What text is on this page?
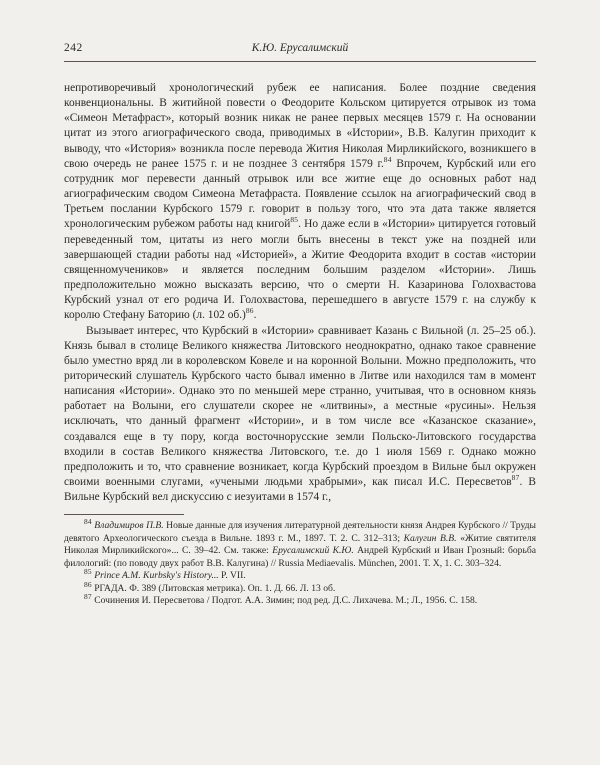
242	К.Ю. Ерусалимский

непротиворечивый хронологический рубеж ее написания. Более поздние сведения конвенциональны. В житийной повести о Феодорите Кольском цитируется отрывок из тома «Симеон Метафраст», который возник никак не ранее первых месяцев 1579 г. На основании цитат из этого агиографического свода, приводимых в «Истории», В.В. Калугин приходит к выводу, что «История» возникла после перевода Жития Николая Мирликийского, возникшего в свою очередь не ранее 1575 г. и не позднее 3 сентября 1579 г.$^{84}$ Впрочем, Курбский или его сотрудник мог перевести данный отрывок или все житие еще до основных работ над агиографическим сводом Симеона Метафраста. Появление ссылок на агиографический свод в Третьем послании Курбского 1579 г. говорит в пользу того, что эта дата также является хронологическим рубежом работы над книгой$^{85}$. Но даже если в «Истории» цитируется готовый переведенный том, цитаты из него могли быть внесены в текст уже на поздней или завершающей стадии работы над «Историей», а Житие Феодорита входит в состав «истории священномучеников» и является последним большим разделом «Истории». Лишь предположительно можно высказать версию, что о смерти Н. Казаринова Голохвастова Курбский узнал от его родича И. Голохвастова, перешедшего в августе 1579 г. на службу к королю Стефану Баторию (л. 102 об.)$^{86}$.

Вызывает интерес, что Курбский в «Истории» сравнивает Казань с Вильной (л. 25–25 об.). Князь бывал в столице Великого княжества Литовского неоднократно, однако такое сравнение было уместно вряд ли в королевском Ковеле и на коронной Волыни. Можно предположить, что риторический слушатель Курбского часто бывал именно в Литве или находился там в момент написания «Истории». Однако это по меньшей мере странно, учитывая, что в основном князь работает на Волыни, его слушатели скорее не «литвины», а местные «русины». Нельзя исключать, что данный фрагмент «Истории», и в том числе все «Казанское сказание», создавался еще в ту пору, когда восточнорусские земли Польско-Литовского государства входили в состав Великого княжества Литовского, т.е. до 1 июля 1569 г. Однако можно предположить и то, что сравнение возникает, когда Курбский проездом в Вильне был окружен своими военными слугами, «учеными людьми храбрыми», как писал И.С. Пересветов$^{87}$. В Вильне Курбский вел дискуссию с иезуитами в 1574 г.,

$^{84}$ Владимиров П.В. Новые данные для изучения литературной деятельности князя Андрея Курбского // Труды девятого Археологического съезда в Вильне. 1893 г. М., 1897. Т. 2. С. 312–313; Калугин В.В. «Житие святителя Николая Мирликийского»... С. 39–42. См. также: Ерусалимский К.Ю. Андрей Курбский и Иван Грозный: борьба филологий: (по поводу двух работ В.В. Калугина) // Russia Mediaevalis. München, 2001. Т. X, 1. С. 303–324.

$^{85}$ Prince A.M. Kurbsky's History... P. VII.

$^{86}$ РГАДА. Ф. 389 (Литовская метрика). Оп. 1. Д. 66. Л. 13 об.

$^{87}$ Сочинения И. Пересветова / Подгот. А.А. Зимин; под ред. Д.С. Лихачева. М.; Л., 1956. С. 158.
